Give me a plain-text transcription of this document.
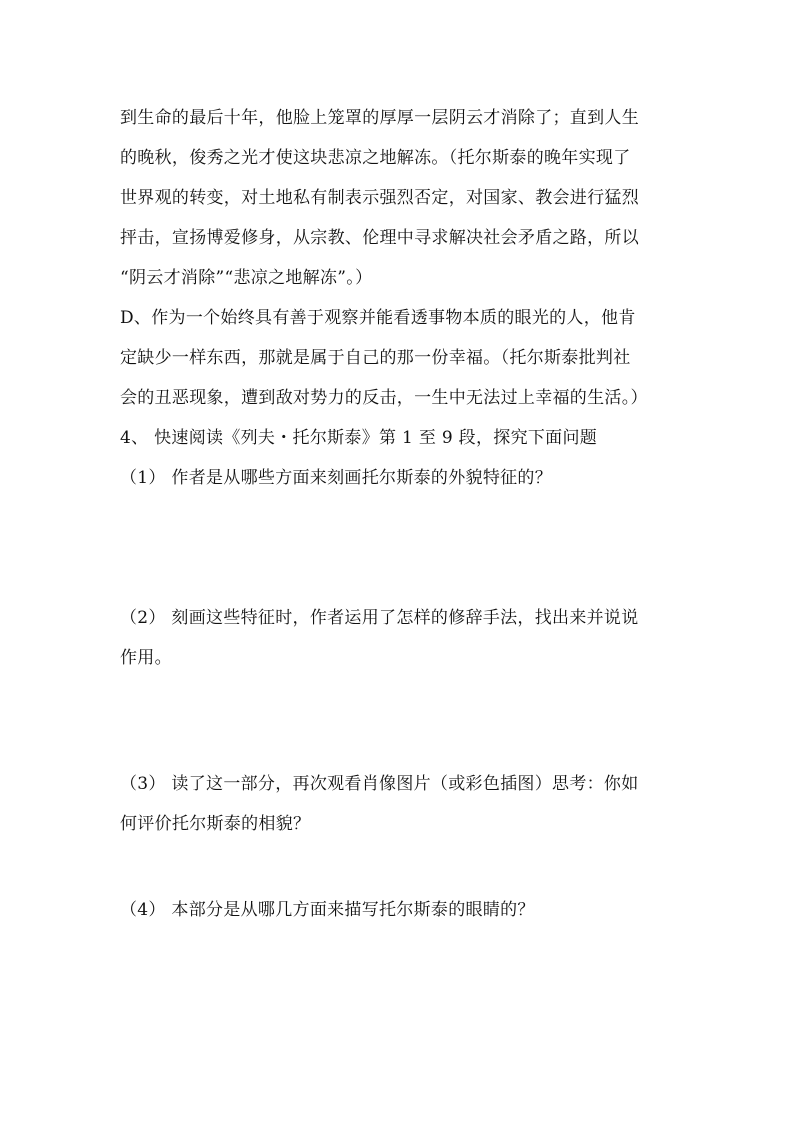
到生命的最后十年，他脸上笼罩的厚厚一层阴云才消除了；直到人生
的晚秋，俊秀之光才使这块悲凉之地解冻。（托尔斯泰的晚年实现了
世界观的转变，对土地私有制表示强烈否定，对国家、教会进行猛烈
抨击，宣扬博爱修身，从宗教、伦理中寻求解决社会矛盾之路，所以
“阴云才消除”“悲凉之地解冻”。）
D、作为一个始终具有善于观察并能看透事物本质的眼光的人，他肯
定缺少一样东西，那就是属于自己的那一份幸福。（托尔斯泰批判社
会的丑恶现象，遭到敌对势力的反击，一生中无法过上幸福的生活。）
4、 快速阅读《列夫・托尔斯泰》第 1 至 9 段，探究下面问题
（1） 作者是从哪些方面来刻画托尔斯泰的外貌特征的？
（2） 刻画这些特征时，作者运用了怎样的修辞手法，找出来并说说
作用。
（3） 读了这一部分，再次观看肖像图片（或彩色插图）思考：你如
何评价托尔斯泰的相貌？
（4） 本部分是从哪几方面来描写托尔斯泰的眼睛的？
